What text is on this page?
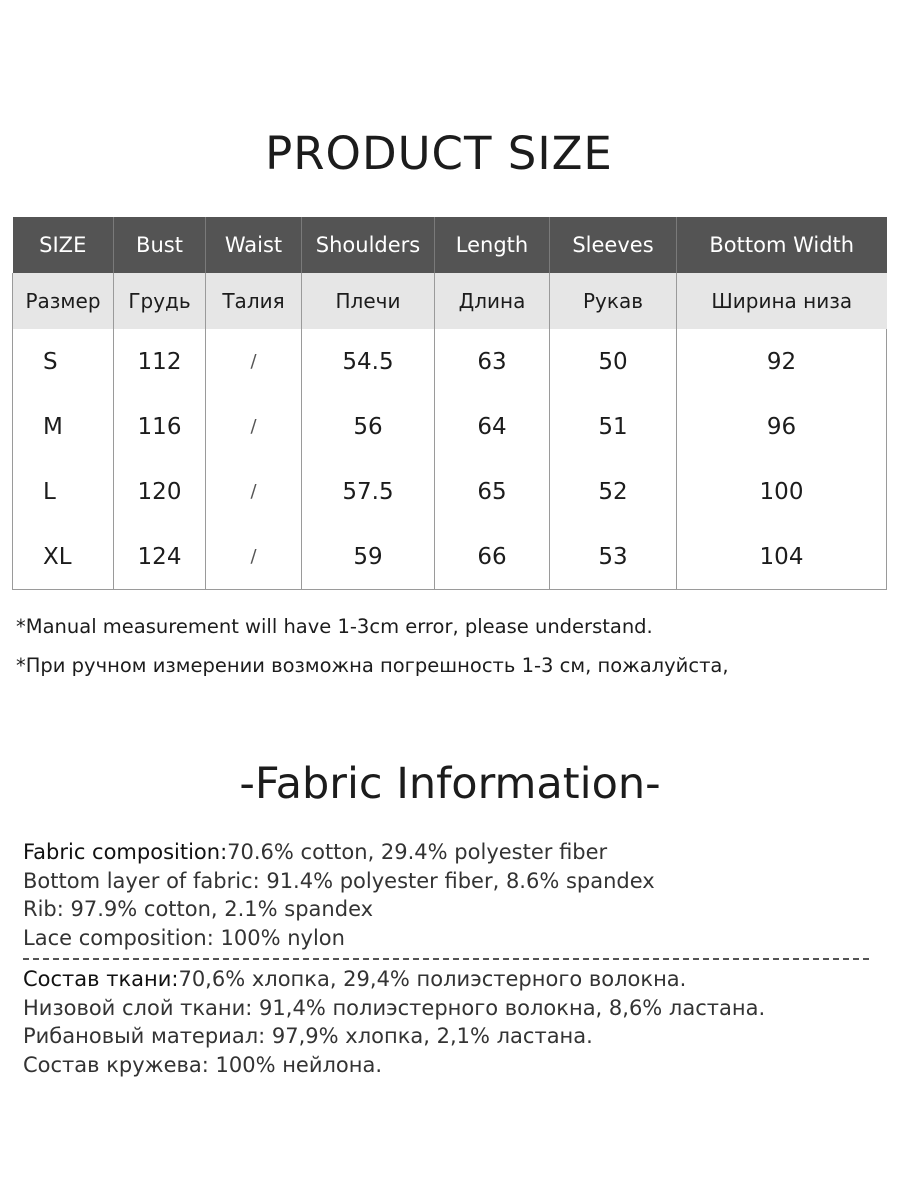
PRODUCT SIZE
SIZE	Bust	Waist	Shoulders	Length	Sleeves	Bottom Width
Размер	Грудь	Талия	Плечи	Длина	Рукав	Ширина низа
S	112	/	54.5	63	50	92
M	116	/	56	64	51	96
L	120	/	57.5	65	52	100
XL	124	/	59	66	53	104

*Manual measurement will have 1-3cm error, please understand.

*При ручном измерении возможна погрешность 1-3 см, пожалуйста,

-Fabric Information-
Fabric composition:70.6% cotton, 29.4% polyester fiber
Bottom layer of fabric: 91.4% polyester fiber, 8.6% spandex
Rib: 97.9% cotton, 2.1% spandex
Lace composition: 100% nylon
Состав ткани:70,6% хлопка, 29,4% полиэстерного волокна.
Низовой слой ткани: 91,4% полиэстерного волокна, 8,6% ластана.
Рибановый материал: 97,9% хлопка, 2,1% ластана.
Состав кружева: 100% нейлона.
